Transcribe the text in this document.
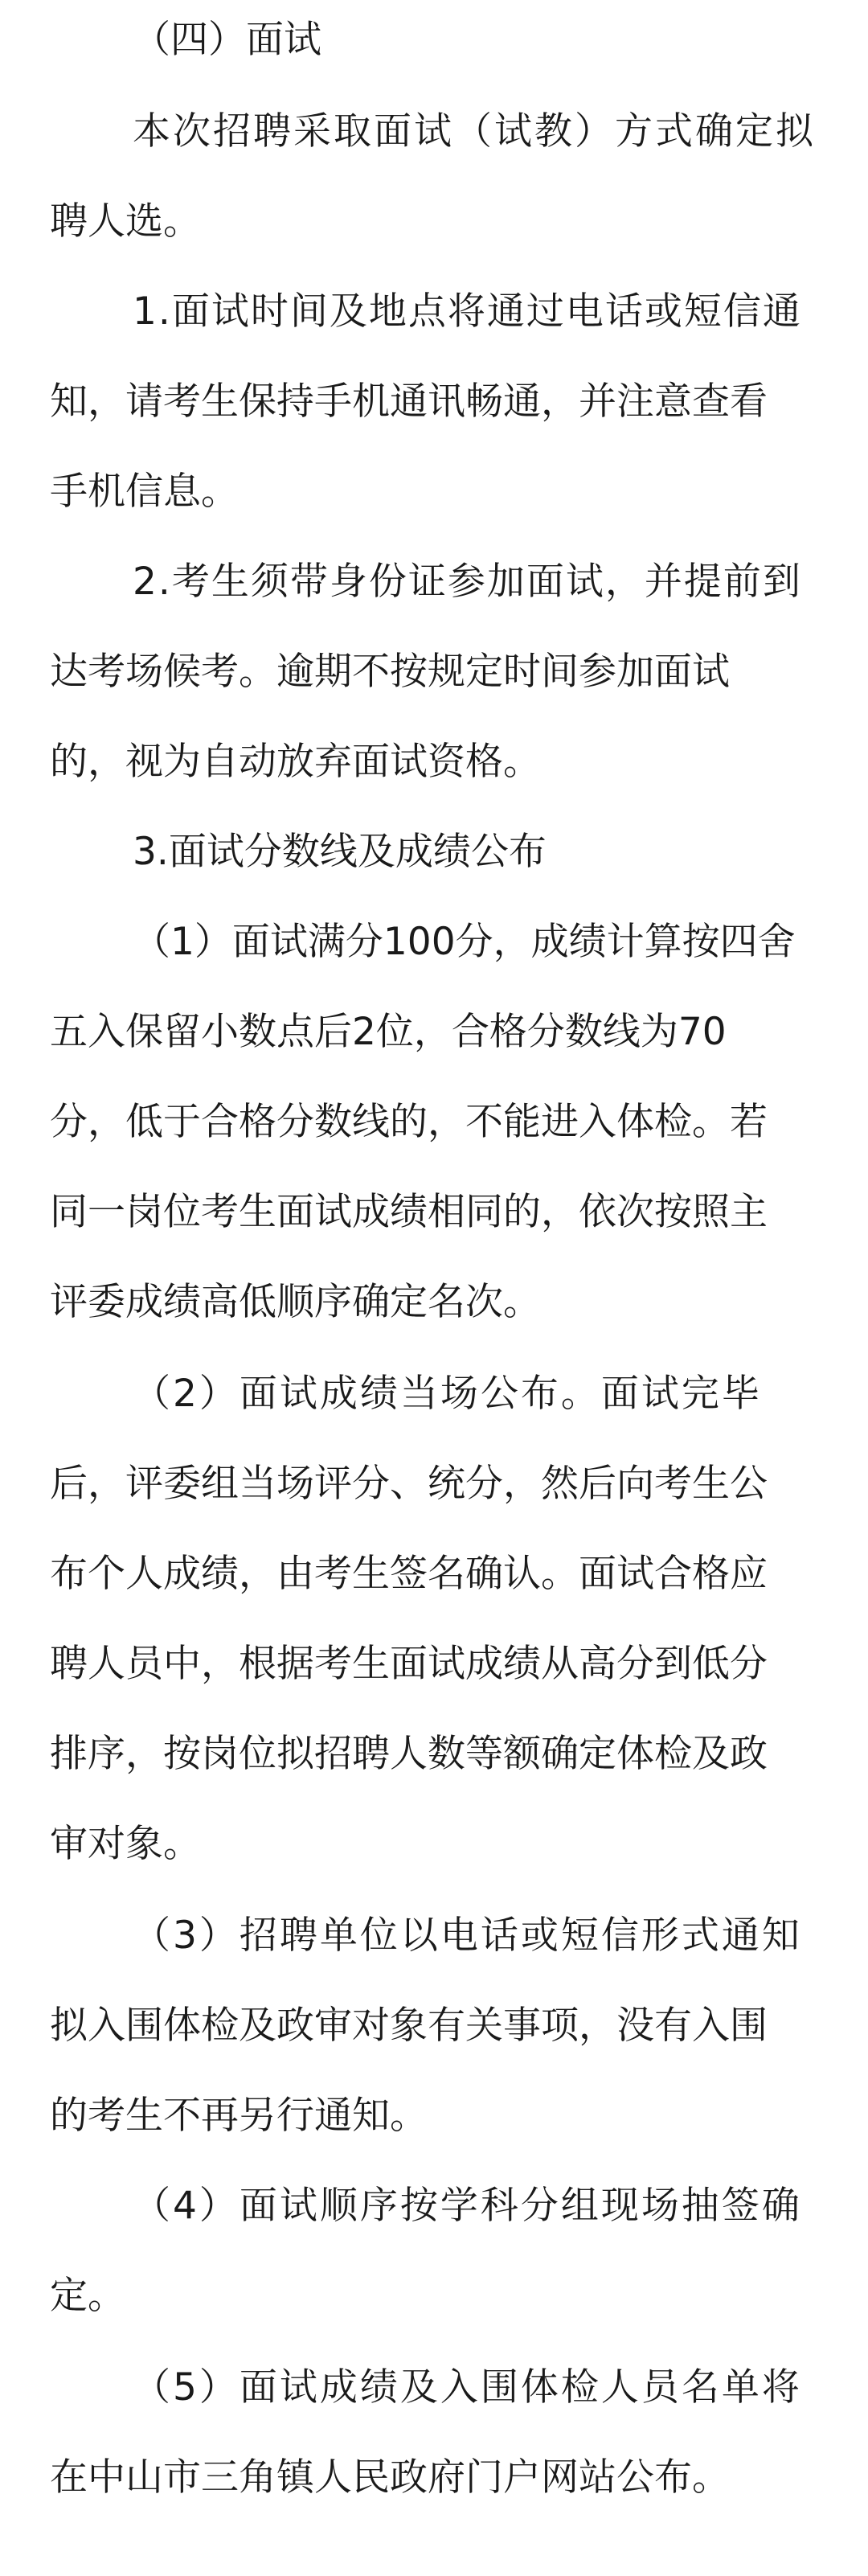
（四）面试
本次招聘采取面试（试教）方式确定拟
聘人选。
1.面试时间及地点将通过电话或短信通
知，请考生保持手机通讯畅通，并注意查看
手机信息。
2.考生须带身份证参加面试，并提前到
达考场候考。逾期不按规定时间参加面试
的，视为自动放弃面试资格。
3.面试分数线及成绩公布
（1）面试满分100分，成绩计算按四舍
五入保留小数点后2位，合格分数线为70
分，低于合格分数线的，不能进入体检。若
同一岗位考生面试成绩相同的，依次按照主
评委成绩高低顺序确定名次。
（2）面试成绩当场公布。面试完毕
后，评委组当场评分、统分，然后向考生公
布个人成绩，由考生签名确认。面试合格应
聘人员中，根据考生面试成绩从高分到低分
排序，按岗位拟招聘人数等额确定体检及政
审对象。
（3）招聘单位以电话或短信形式通知
拟入围体检及政审对象有关事项，没有入围
的考生不再另行通知。
（4）面试顺序按学科分组现场抽签确
定。
（5）面试成绩及入围体检人员名单将
在中山市三角镇人民政府门户网站公布。
